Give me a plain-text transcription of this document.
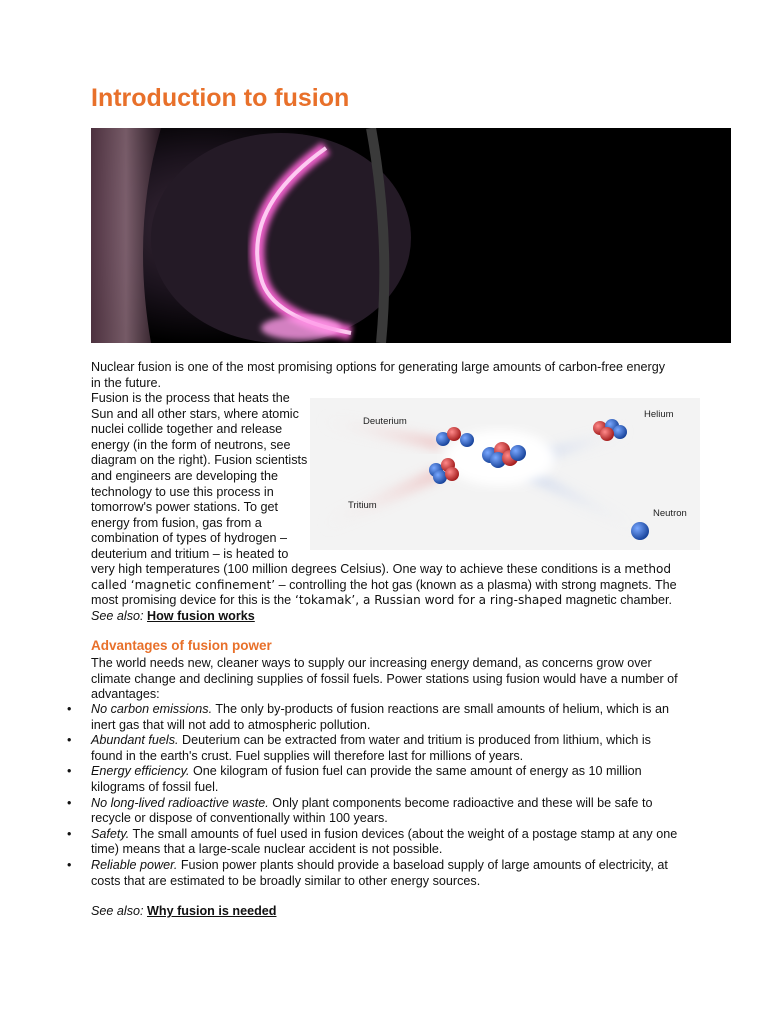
Introduction to fusion

Nuclear fusion is one of the most promising options for generating large amounts of carbon-free energy in the future.

Fusion is the process that heats the Sun and all other stars, where atomic nuclei collide together and release energy (in the form of neutrons, see diagram on the right). Fusion scientists and engineers are developing the technology to use this process in tomorrow's power stations. To get energy from fusion, gas from a combination of types of hydrogen – deuterium and tritium – is heated to

Deuterium
Helium
Tritium
Neutron

very high temperatures (100 million degrees Celsius). One way to achieve these conditions is a method called ‘magnetic confinement’ – controlling the hot gas (known as a plasma) with strong magnets. The most promising device for this is the ‘tokamak’, a Russian word for a ring-shaped magnetic chamber.
See also: How fusion works

Advantages of fusion power

The world needs new, cleaner ways to supply our increasing energy demand, as concerns grow over climate change and declining supplies of fossil fuels. Power stations using fusion would have a number of advantages:

• No carbon emissions. The only by-products of fusion reactions are small amounts of helium, which is an inert gas that will not add to atmospheric pollution.
• Abundant fuels. Deuterium can be extracted from water and tritium is produced from lithium, which is found in the earth's crust. Fuel supplies will therefore last for millions of years.
• Energy efficiency. One kilogram of fusion fuel can provide the same amount of energy as 10 million kilograms of fossil fuel.
• No long-lived radioactive waste. Only plant components become radioactive and these will be safe to recycle or dispose of conventionally within 100 years.
• Safety. The small amounts of fuel used in fusion devices (about the weight of a postage stamp at any one time) means that a large-scale nuclear accident is not possible.
• Reliable power. Fusion power plants should provide a baseload supply of large amounts of electricity, at costs that are estimated to be broadly similar to other energy sources.
See also: Why fusion is needed
